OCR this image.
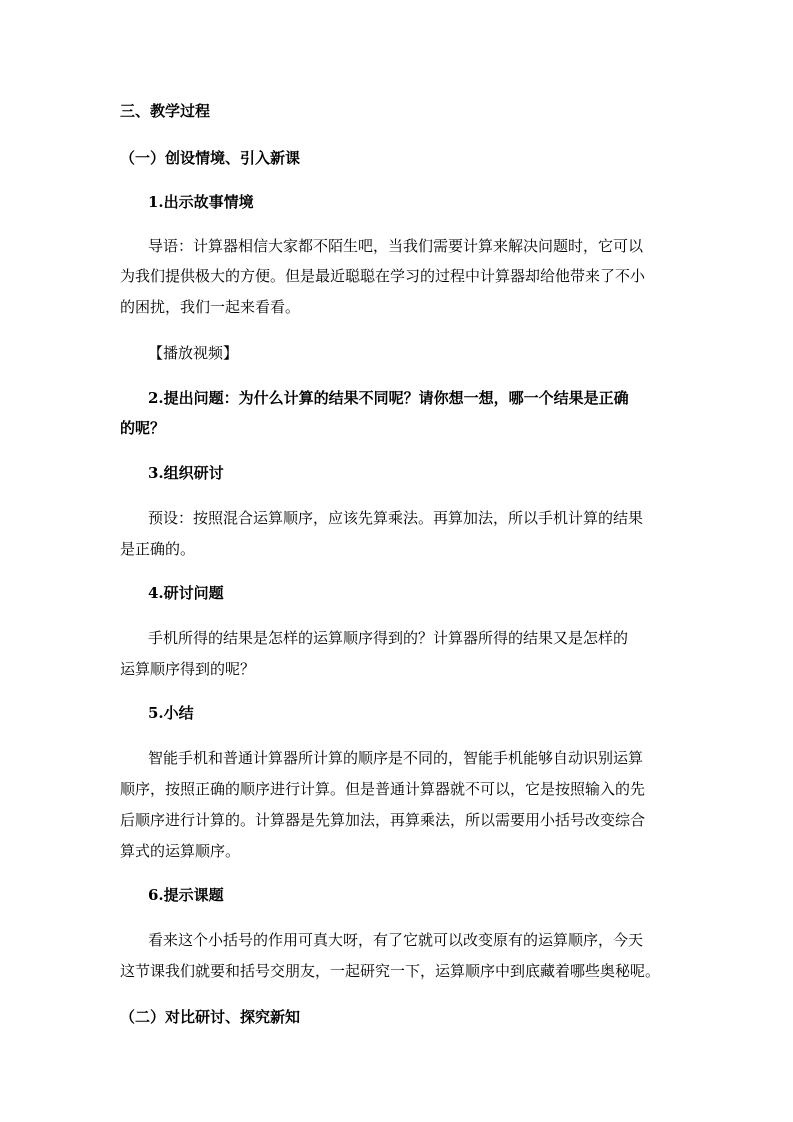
三、教学过程
（一）创设情境、引入新课
1.出示故事情境
导语：计算器相信大家都不陌生吧，当我们需要计算来解决问题时，它可以
为我们提供极大的方便。但是最近聪聪在学习的过程中计算器却给他带来了不小
的困扰，我们一起来看看。
【播放视频】
2.提出问题：为什么计算的结果不同呢？请你想一想，哪一个结果是正确
的呢？
3.组织研讨
预设：按照混合运算顺序，应该先算乘法。再算加法，所以手机计算的结果
是正确的。
4.研讨问题
手机所得的结果是怎样的运算顺序得到的？计算器所得的结果又是怎样的
运算顺序得到的呢？
5.小结
智能手机和普通计算器所计算的顺序是不同的，智能手机能够自动识别运算
顺序，按照正确的顺序进行计算。但是普通计算器就不可以，它是按照输入的先
后顺序进行计算的。计算器是先算加法，再算乘法，所以需要用小括号改变综合
算式的运算顺序。
6.提示课题
看来这个小括号的作用可真大呀，有了它就可以改变原有的运算顺序，今天
这节课我们就要和括号交朋友，一起研究一下，运算顺序中到底藏着哪些奥秘呢。
（二）对比研讨、探究新知
